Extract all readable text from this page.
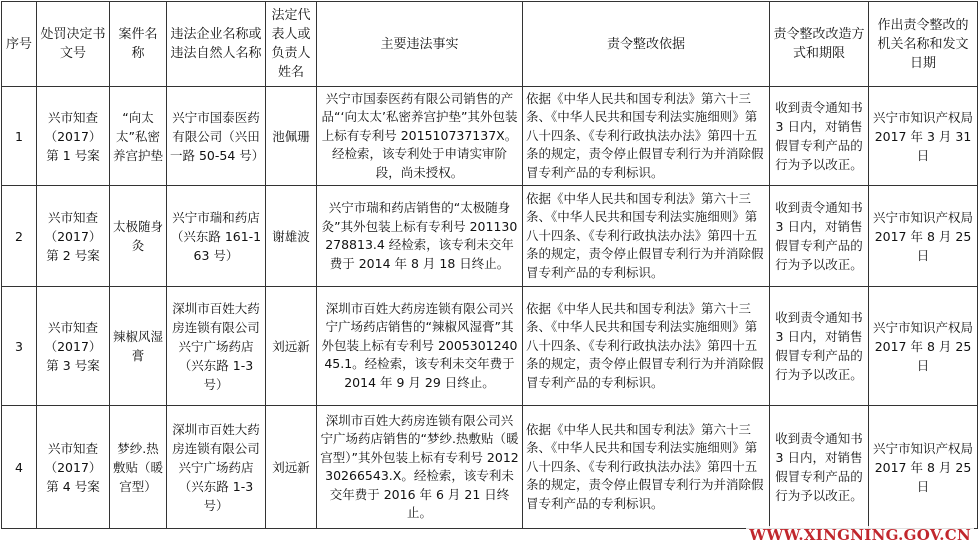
序号	处罚决定书文号	案件名称	违法企业名称或违法自然人名称	法定代表人或负责人姓名	主要违法事实	责令整改依据	责令整改改造方式和期限	作出责令整改的机关名称和发文日期
1	兴市知查（2017）第 1 号案	“向太太”私密养宫护垫	兴宁市国泰医药有限公司（兴田一路 50-54 号）	池佩珊	兴宁市国泰医药有限公司销售的产品“‘向太太’私密养宫护垫”其外包装上标有专利号 201510737137X。经检索，该专利处于申请实审阶段，尚未授权。	依据《中华人民共和国专利法》第六十三条、《中华人民共和国专利法实施细则》第八十四条、《专利行政执法办法》第四十五条的规定，责令停止假冒专利行为并消除假冒专利产品的专利标识。	收到责令通知书 3 日内，对销售假冒专利产品的行为予以改正。	兴宁市知识产权局 2017 年 3 月 31 日
2	兴市知查（2017）第 2 号案	太极随身灸	兴宁市瑞和药店（兴东路 161-163 号）	谢雄波	兴宁市瑞和药店销售的“太极随身灸”其外包装上标有专利号 201130278813.4 经检索，该专利未交年费于 2014 年 8 月 18 日终止。	依据《中华人民共和国专利法》第六十三条、《中华人民共和国专利法实施细则》第八十四条、《专利行政执法办法》第四十五条的规定，责令停止假冒专利行为并消除假冒专利产品的专利标识。	收到责令通知书 3 日内，对销售假冒专利产品的行为予以改正。	兴宁市知识产权局 2017 年 8 月 25 日
3	兴市知查（2017）第 3 号案	辣椒风湿膏	深圳市百姓大药房连锁有限公司兴宁广场药店（兴东路 1-3 号）	刘远新	深圳市百姓大药房连锁有限公司兴宁广场药店销售的“辣椒风湿膏”其外包装上标有专利号 200530124045.1。经检索，该专利未交年费于 2014 年 9 月 29 日终止。	依据《中华人民共和国专利法》第六十三条、《中华人民共和国专利法实施细则》第八十四条、《专利行政执法办法》第四十五条的规定，责令停止假冒专利行为并消除假冒专利产品的专利标识。	收到责令通知书 3 日内，对销售假冒专利产品的行为予以改正。	兴宁市知识产权局 2017 年 8 月 25 日
4	兴市知查（2017）第 4 号案	梦纱.热敷贴（暖宫型）	深圳市百姓大药房连锁有限公司兴宁广场药店（兴东路 1-3 号）	刘远新	深圳市百姓大药房连锁有限公司兴宁广场药店销售的“梦纱.热敷贴（暖宫型）”其外包装上标有专利号 201230266543.X。经检索，该专利未交年费于 2016 年 6 月 21 日终止。	依据《中华人民共和国专利法》第六十三条、《中华人民共和国专利法实施细则》第八十四条、《专利行政执法办法》第四十五条的规定，责令停止假冒专利行为并消除假冒专利产品的专利标识。	收到责令通知书 3 日内，对销售假冒专利产品的行为予以改正。	兴宁市知识产权局 2017 年 8 月 25 日
WWW.XINGNING.GOV.CN
